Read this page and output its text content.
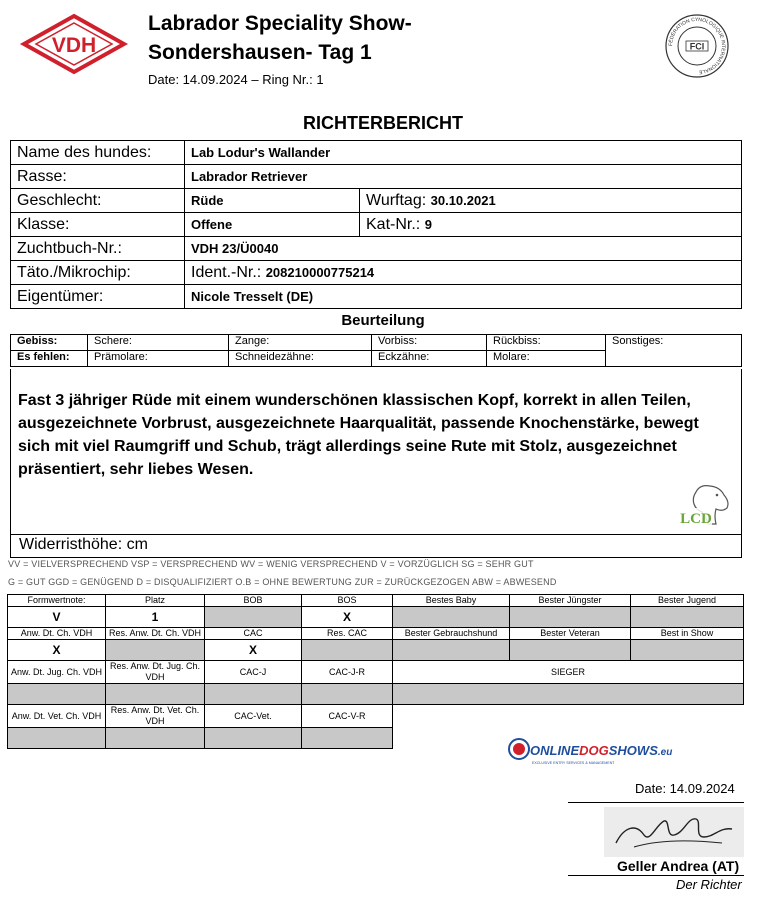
VDH
Labrador Speciality Show-
Sondershausen- Tag 1
Date: 14.09.2024 – Ring Nr.: 1
FÉDÉRATION CYNOLOGIQUE INTERNATIONALE
FCI
RICHTERBERICHT
Name des hundes:	Lab Lodur's Wallander	
Rasse:	Labrador Retriever	
Geschlecht:	Rüde	Wurftag: 30.10.2021
Klasse:	Offene	Kat-Nr.: 9
Zuchtbuch-Nr.:	VDH 23/Ü0040	
Täto./Mikrochip:	Ident.-Nr.: 208210000775214	
Eigentümer:	Nicole Tresselt (DE)	
Beurteilung
Gebiss:	Schere:	Zange:	Vorbiss:	Rückbiss:	Sonstiges:
Es fehlen:	Prämolare:	Schneidezähne:	Eckzähne:	Molare:	
Fast 3 jähriger Rüde mit einem wunderschönen klassischen Kopf, korrekt in allen Teilen, ausgezeichnete Vorbrust, ausgezeichnete Haarqualität, passende Knochenstärke, bewegt sich mit viel Raumgriff und Schub, trägt allerdings seine Rute mit Stolz, ausgezeichnet präsentiert, sehr liebes Wesen.
LCD
Widerristhöhe: cm
VV = VIELVERSPRECHEND VSP = VERSPRECHEND WV = WENIG VERSPRECHEND V = VORZÜGLICH SG = SEHR GUT
G = GUT GGD = GENÜGEND D = DISQUALIFIZIERT O.B = OHNE BEWERTUNG ZUR = ZURÜCKGEZOGEN ABW = ABWESEND
Formwertnote:	Platz	BOB	BOS	Bestes Baby	Bester Jüngster	Bester Jugend
V	1		X			
Anw. Dt. Ch. VDH	Res. Anw. Dt. Ch. VDH	CAC	Res. CAC	Bester Gebrauchshund	Bester Veteran	Best in Show
X		X				
Anw. Dt. Jug. Ch. VDH	Res. Anw. Dt. Jug. Ch. VDH	CAC-J	CAC-J-R	SIEGER		

Anw. Dt. Vet. Ch. VDH	Res. Anw. Dt. Vet. Ch. VDH	CAC-Vet.	CAC-V-R			

ONLINEDOGSHOWS.eu
EXCLUSIVE ENTRY SERVICES & MANAGEMENT
Date: 14.09.2024
Geller Andrea (AT)
Der Richter
